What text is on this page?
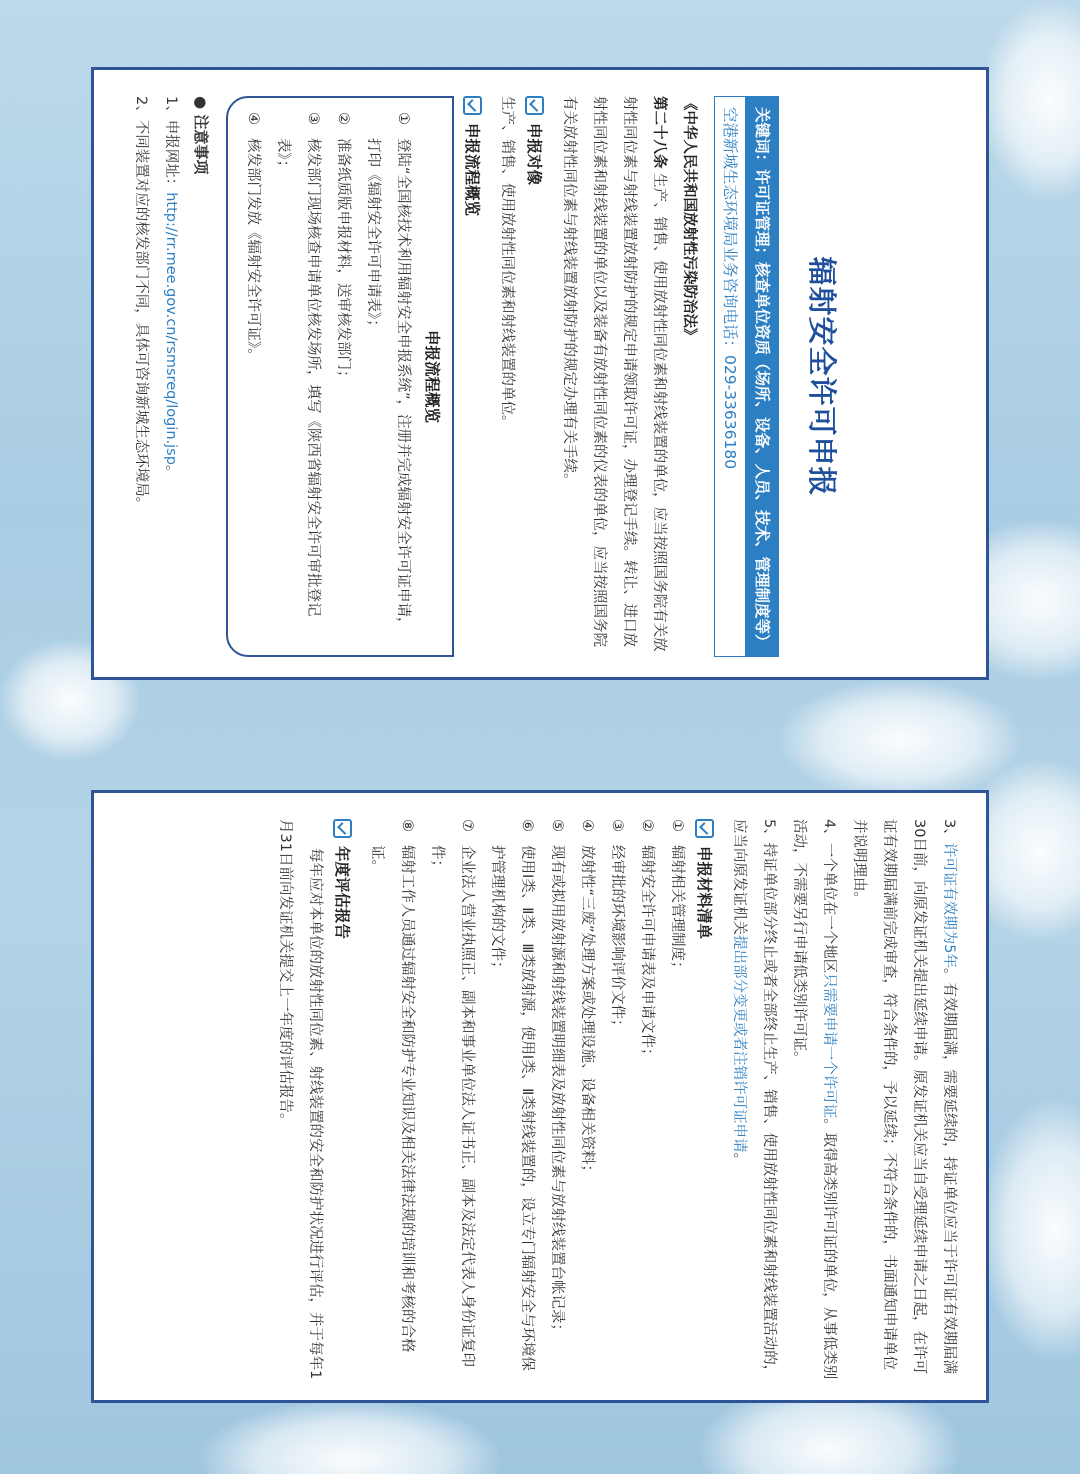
辐射安全许可申报
关键词：许可证管理；核查单位资质（场所、设备、人员、技术、管理制度等）
空港新城生态环境局业务咨询电话：029-33636180
《中华人民共和国放射性污染防治法》
第二十八条 生产、销售、使用放射性同位素和射线装置的单位，应当按照国务院有关放射性同位素与射线装置放射防护的规定申请领取许可证，办理登记手续。转让、进口放射性同位素和射线装置的单位以及装备有放射性同位素的仪表的单位，应当按照国务院有关放射性同位素与射线装置放射防护的规定办理有关手续。
申报对像
生产、销售、使用放射性同位素和射线装置的单位。
申报流程概览
申报流程概览
①
登陆“全国核技术利用辐射安全申报系统”，注册并完成辐射安全许可证申请，打印《辐射安全许可申请表》；
②
准备纸质版申报材料，送审核发部门；
③
核发部门现场核查申请单位核发场所，填写《陕西省辐射安全许可审批登记表》；
④
核发部门发放《辐射安全许可证》。
● 注意事项
1、申报网址：http://rr.mee.gov.cn/rsmsreq/login.jsp。
2、不同装置对应的核发部门不同，具体可咨询新城生态环境局。
3、许可证有效期为5年。有效期届满，需要延续的，持证单位应当于许可证有效期届满30日前，向原发证机关提出延续申请。原发证机关应当自受理延续申请之日起，在许可证有效期届满前完成审查，符合条件的，予以延续；不符合条件的，书面通知申请单位并说明理由。
4、一个单位在一个地区只需要申请一个许可证。取得高类别许可证的单位，从事低类别活动，不需要另行申请低类别许可证。
5、持证单位部分终止或者全部终止生产、销售、使用放射性同位素和射线装置活动的，应当向原发证机关提出部分变更或者注销许可证申请。
申报材料清单
①
辐射相关管理制度；
②
辐射安全许可申请表及申请文件；
③
经审批的环境影响评价文件；
④
放射性“三废”处理方案或处理设施、设备相关资料；
⑤
现有或拟用放射源和射线装置明细表及放射性同位素与放射线装置台帐记录；
⑥
使用Ⅰ类、Ⅱ类、Ⅲ类放射源，使用Ⅰ类、Ⅱ类射线装置的，设立专门辐射安全与环境保护管理机构的文件；
⑦
企业法人营业执照正、副本和事业单位法人证书正、副本及法定代表人身份证复印件；
⑧
辐射工作人员通过辐射安全和防护专业知识及相关法律法规的培训和考核的合格证。
年度评估报告
每年应对本单位的放射性同位素、射线装置的安全和防护状况进行评估，并于每年1月31日前向发证机关提交上一年度的评估报告。
